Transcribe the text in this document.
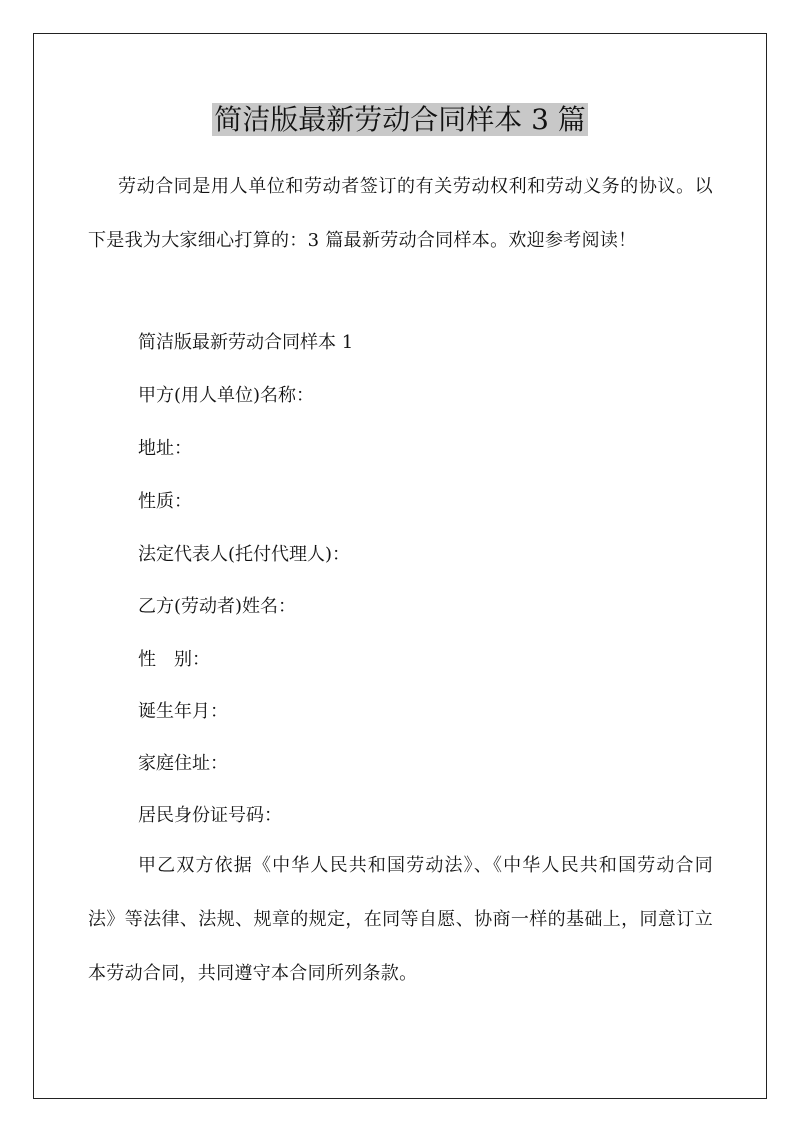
简洁版最新劳动合同样本 3 篇

劳动合同是用人单位和劳动者签订的有关劳动权利和劳动义务的协议。以下是我为大家细心打算的：3 篇最新劳动合同样本。欢迎参考阅读！

简洁版最新劳动合同样本 1

甲方(用人单位)名称：

地址：

性质：

法定代表人(托付代理人)：

乙方(劳动者)姓名：

性　别：

诞生年月：

家庭住址：

居民身份证号码：

甲乙双方依据《中华人民共和国劳动法》、《中华人民共和国劳动合同法》等法律、法规、规章的规定，在同等自愿、协商一样的基础上，同意订立本劳动合同，共同遵守本合同所列条款。
